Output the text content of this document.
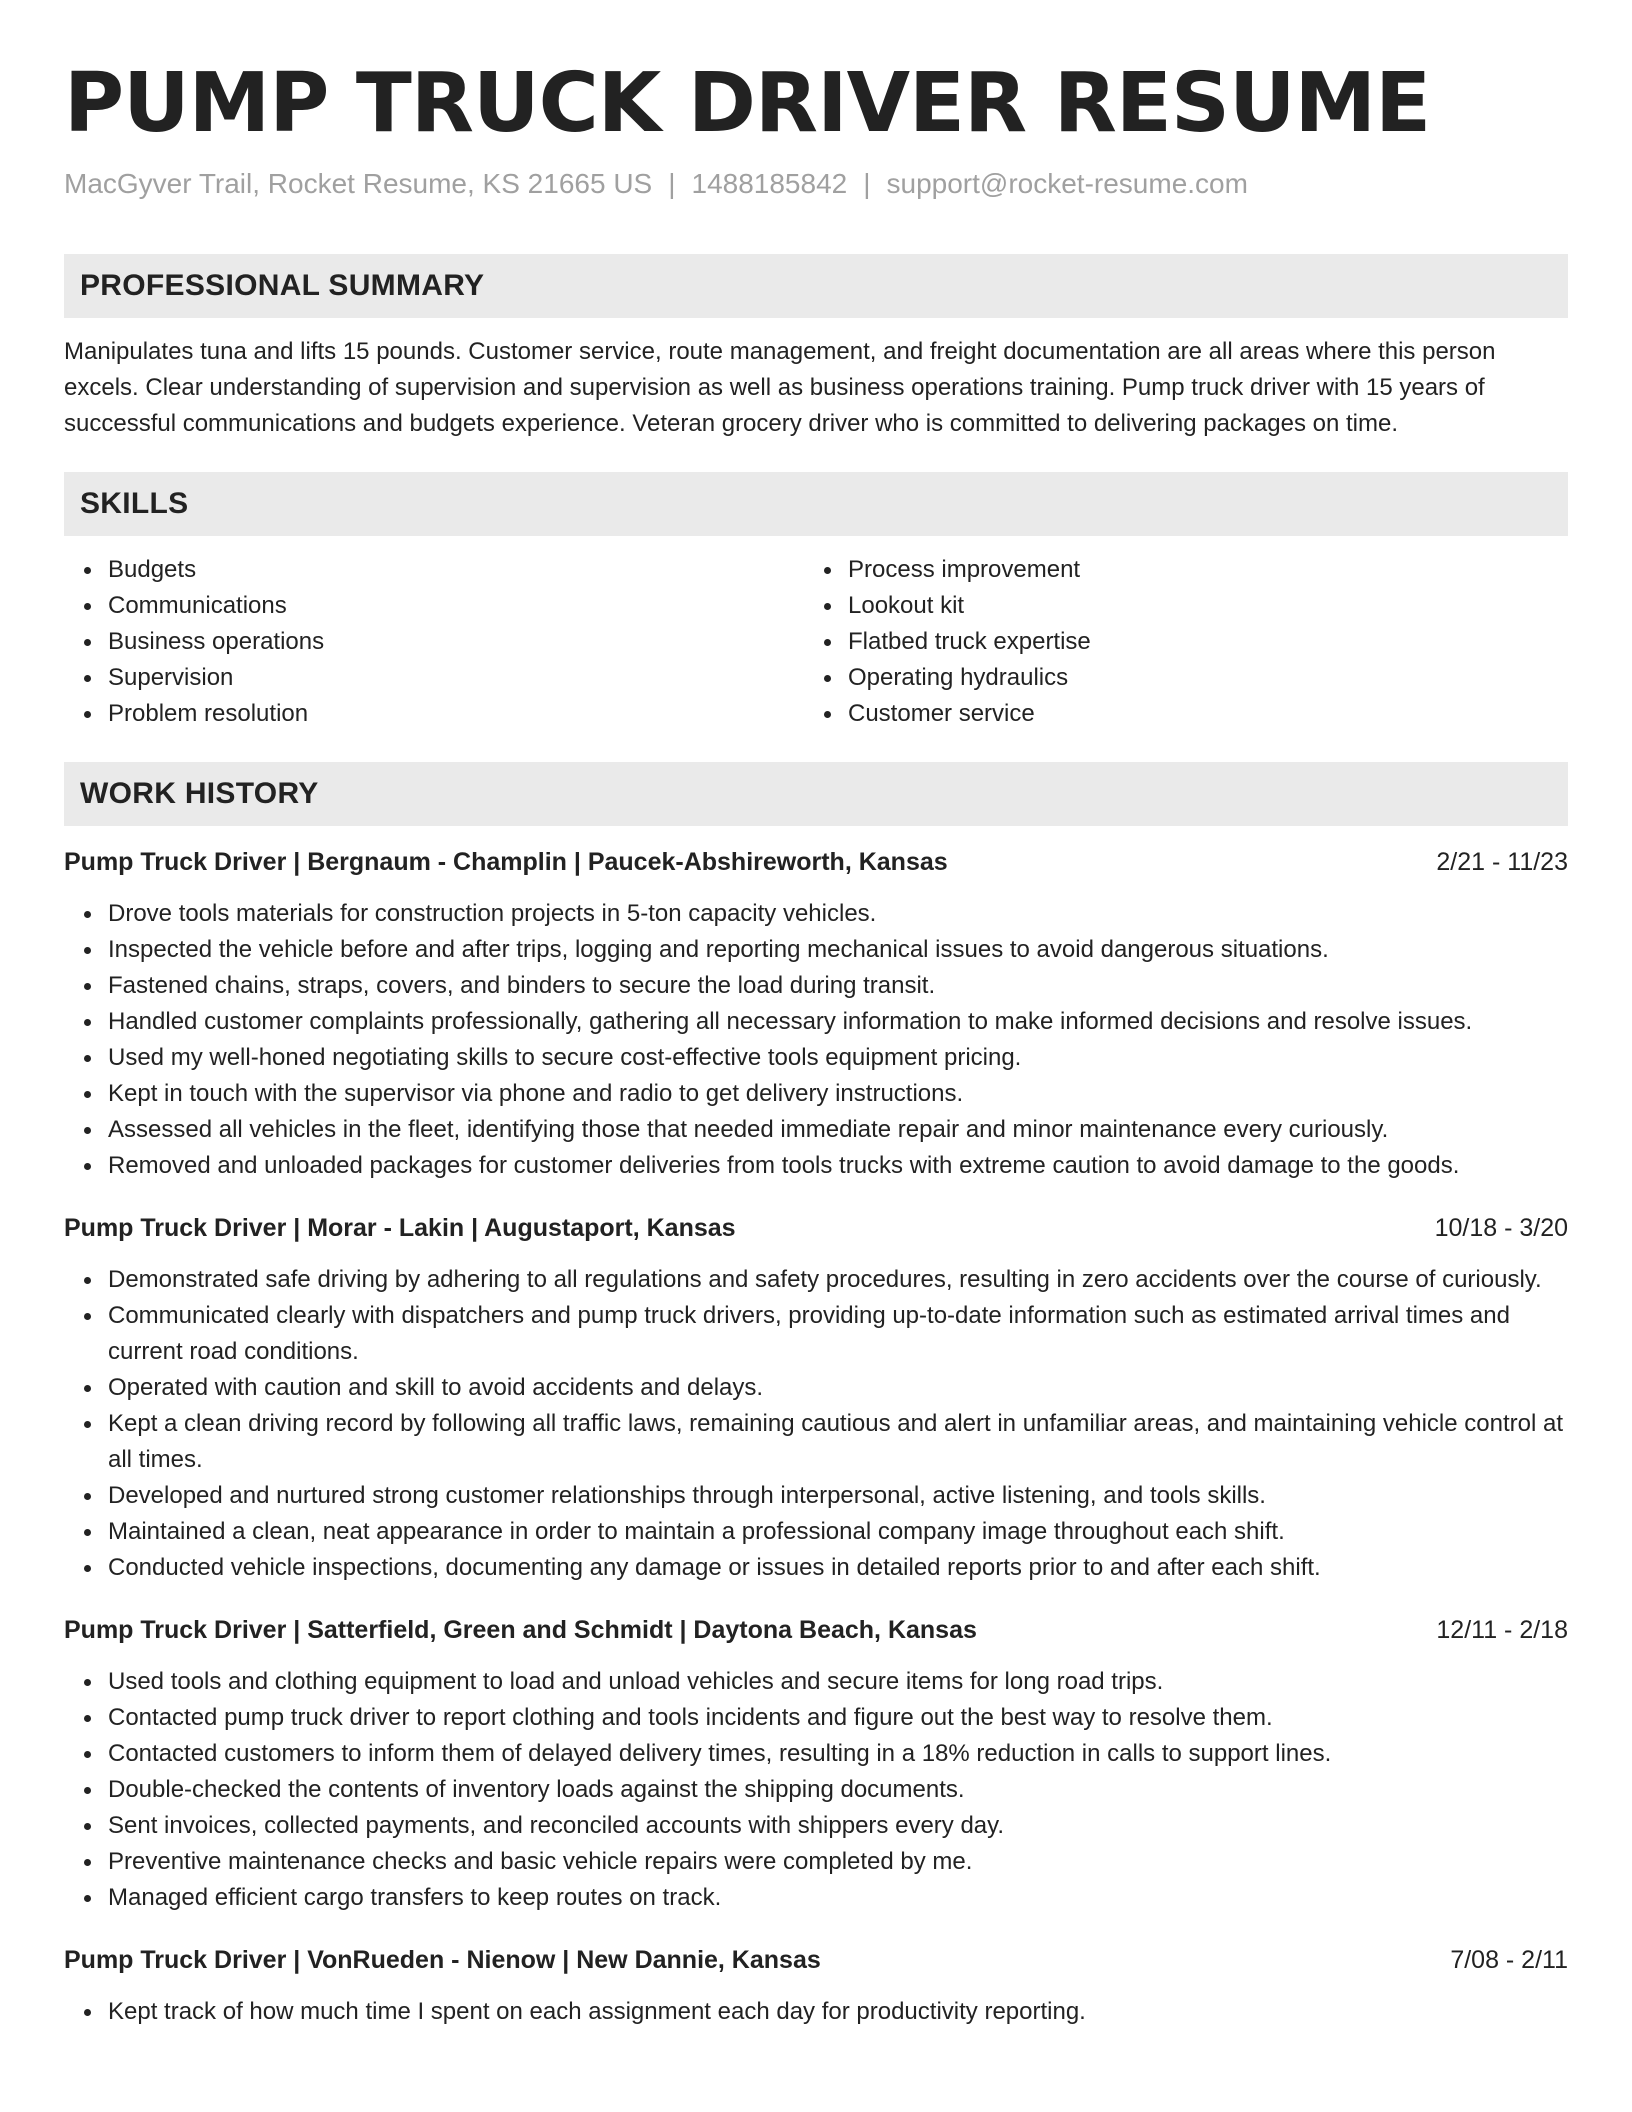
PUMP TRUCK DRIVER RESUME
MacGyver Trail, Rocket Resume, KS 21665 US | 1488185842 | support@rocket-resume.com
PROFESSIONAL SUMMARY

Manipulates tuna and lifts 15 pounds. Customer service, route management, and freight documentation are all areas where this person excels. Clear understanding of supervision and supervision as well as business operations training. Pump truck driver with 15 years of successful communications and budgets experience. Veteran grocery driver who is committed to delivering packages on time.

SKILLS
Budgets
Communications
Business operations
Supervision
Problem resolution
Process improvement
Lookout kit
Flatbed truck expertise
Operating hydraulics
Customer service
WORK HISTORY
Pump Truck Driver | Bergnaum - Champlin | Paucek-Abshireworth, Kansas	2/21 - 11/23
Drove tools materials for construction projects in 5-ton capacity vehicles.
Inspected the vehicle before and after trips, logging and reporting mechanical issues to avoid dangerous situations.
Fastened chains, straps, covers, and binders to secure the load during transit.
Handled customer complaints professionally, gathering all necessary information to make informed decisions and resolve issues.
Used my well-honed negotiating skills to secure cost-effective tools equipment pricing.
Kept in touch with the supervisor via phone and radio to get delivery instructions.
Assessed all vehicles in the fleet, identifying those that needed immediate repair and minor maintenance every curiously.
Removed and unloaded packages for customer deliveries from tools trucks with extreme caution to avoid damage to the goods.
Pump Truck Driver | Morar - Lakin | Augustaport, Kansas	10/18 - 3/20
Demonstrated safe driving by adhering to all regulations and safety procedures, resulting in zero accidents over the course of curiously.
Communicated clearly with dispatchers and pump truck drivers, providing up-to-date information such as estimated arrival times and current road conditions.
Operated with caution and skill to avoid accidents and delays.
Kept a clean driving record by following all traffic laws, remaining cautious and alert in unfamiliar areas, and maintaining vehicle control at all times.
Developed and nurtured strong customer relationships through interpersonal, active listening, and tools skills.
Maintained a clean, neat appearance in order to maintain a professional company image throughout each shift.
Conducted vehicle inspections, documenting any damage or issues in detailed reports prior to and after each shift.
Pump Truck Driver | Satterfield, Green and Schmidt | Daytona Beach, Kansas	12/11 - 2/18
Used tools and clothing equipment to load and unload vehicles and secure items for long road trips.
Contacted pump truck driver to report clothing and tools incidents and figure out the best way to resolve them.
Contacted customers to inform them of delayed delivery times, resulting in a 18% reduction in calls to support lines.
Double-checked the contents of inventory loads against the shipping documents.
Sent invoices, collected payments, and reconciled accounts with shippers every day.
Preventive maintenance checks and basic vehicle repairs were completed by me.
Managed efficient cargo transfers to keep routes on track.
Pump Truck Driver | VonRueden - Nienow | New Dannie, Kansas	7/08 - 2/11
Kept track of how much time I spent on each assignment each day for productivity reporting.
